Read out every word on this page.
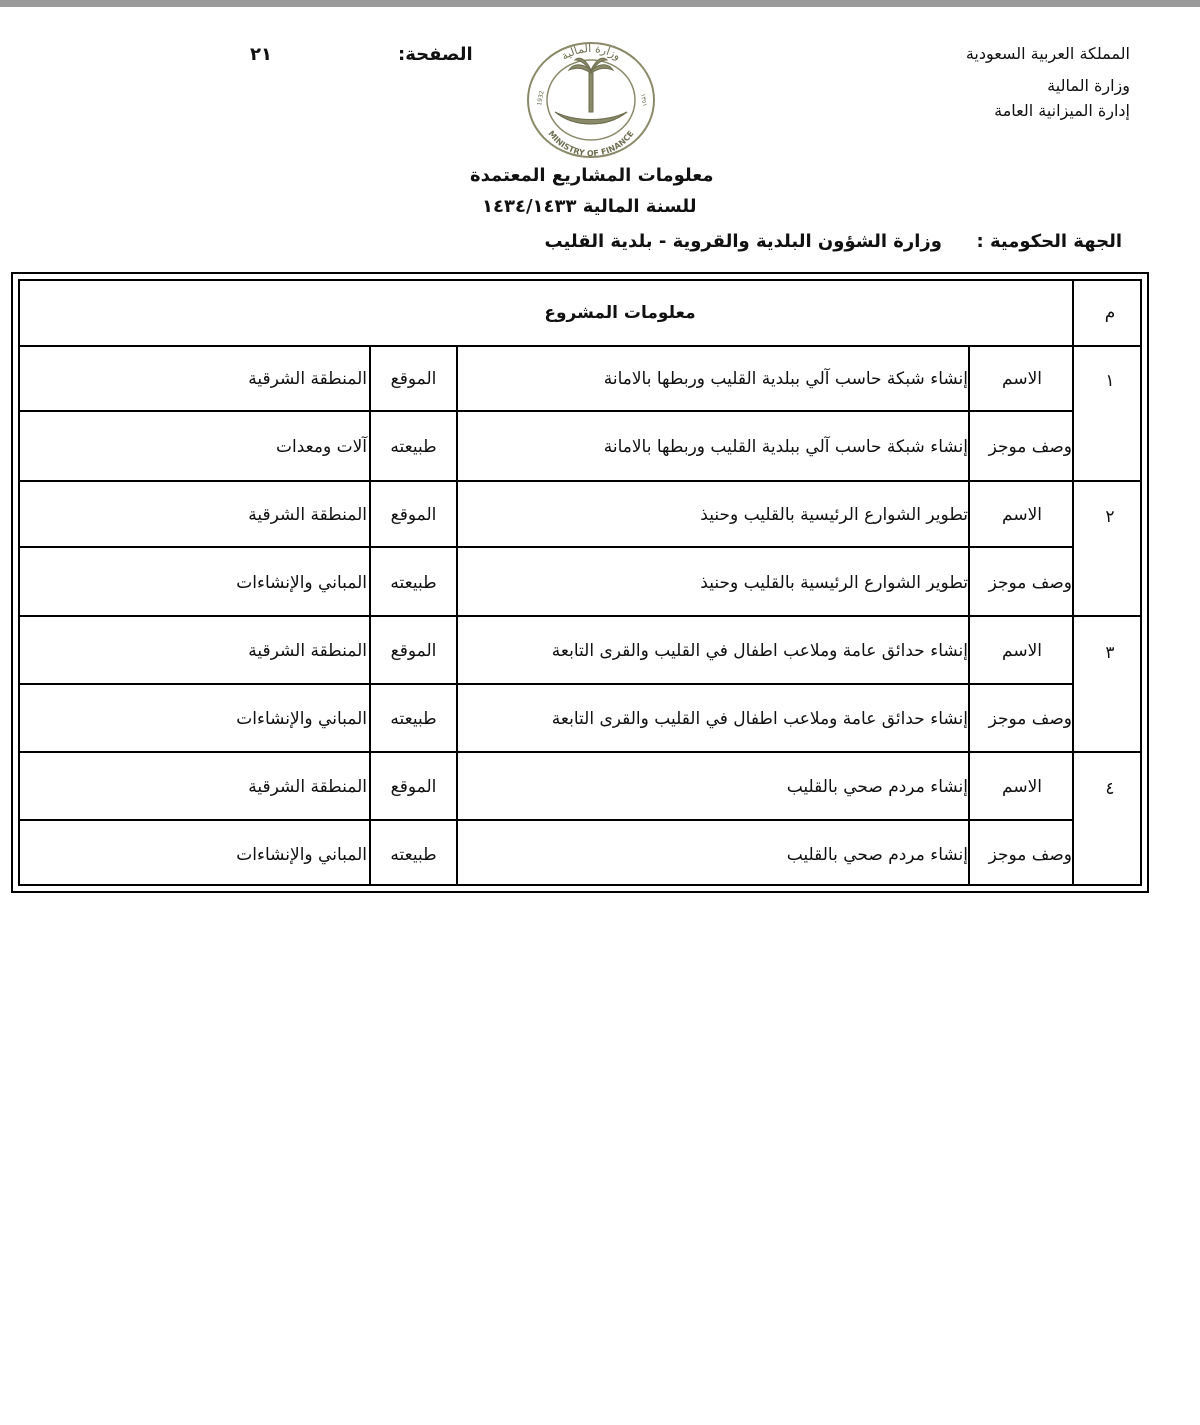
المملكة العربية السعودية
وزارة المالية
إدارة الميزانية العامة
الصفحة:
٢١	وزارة المالية
MINISTRY OF FINANCE
1932	١٣٥١
معلومات المشاريع المعتمدة
للسنة المالية ١٤٣٤/١٤٣٣
الجهة الحكومية :
وزارة الشؤون البلدية والقروية - بلدية القليب
م
معلومات المشروع
١
الاسم
إنشاء شبكة حاسب آلي ببلدية القليب وربطها بالامانة
الموقع
المنطقة الشرقية
وصف موجز
إنشاء شبكة حاسب آلي ببلدية القليب وربطها بالامانة
طبيعته
آلات ومعدات
٢
الاسم
تطوير الشوارع الرئيسية بالقليب وحنيذ
الموقع
المنطقة الشرقية
وصف موجز
تطوير الشوارع الرئيسية بالقليب وحنيذ
طبيعته
المباني والإنشاءات
٣
الاسم
إنشاء حدائق عامة وملاعب اطفال في القليب والقرى التابعة
الموقع
المنطقة الشرقية
وصف موجز
إنشاء حدائق عامة وملاعب اطفال في القليب والقرى التابعة
طبيعته
المباني والإنشاءات
٤
الاسم
إنشاء مردم صحي بالقليب
الموقع
المنطقة الشرقية
وصف موجز
إنشاء مردم صحي بالقليب
طبيعته
المباني والإنشاءات
